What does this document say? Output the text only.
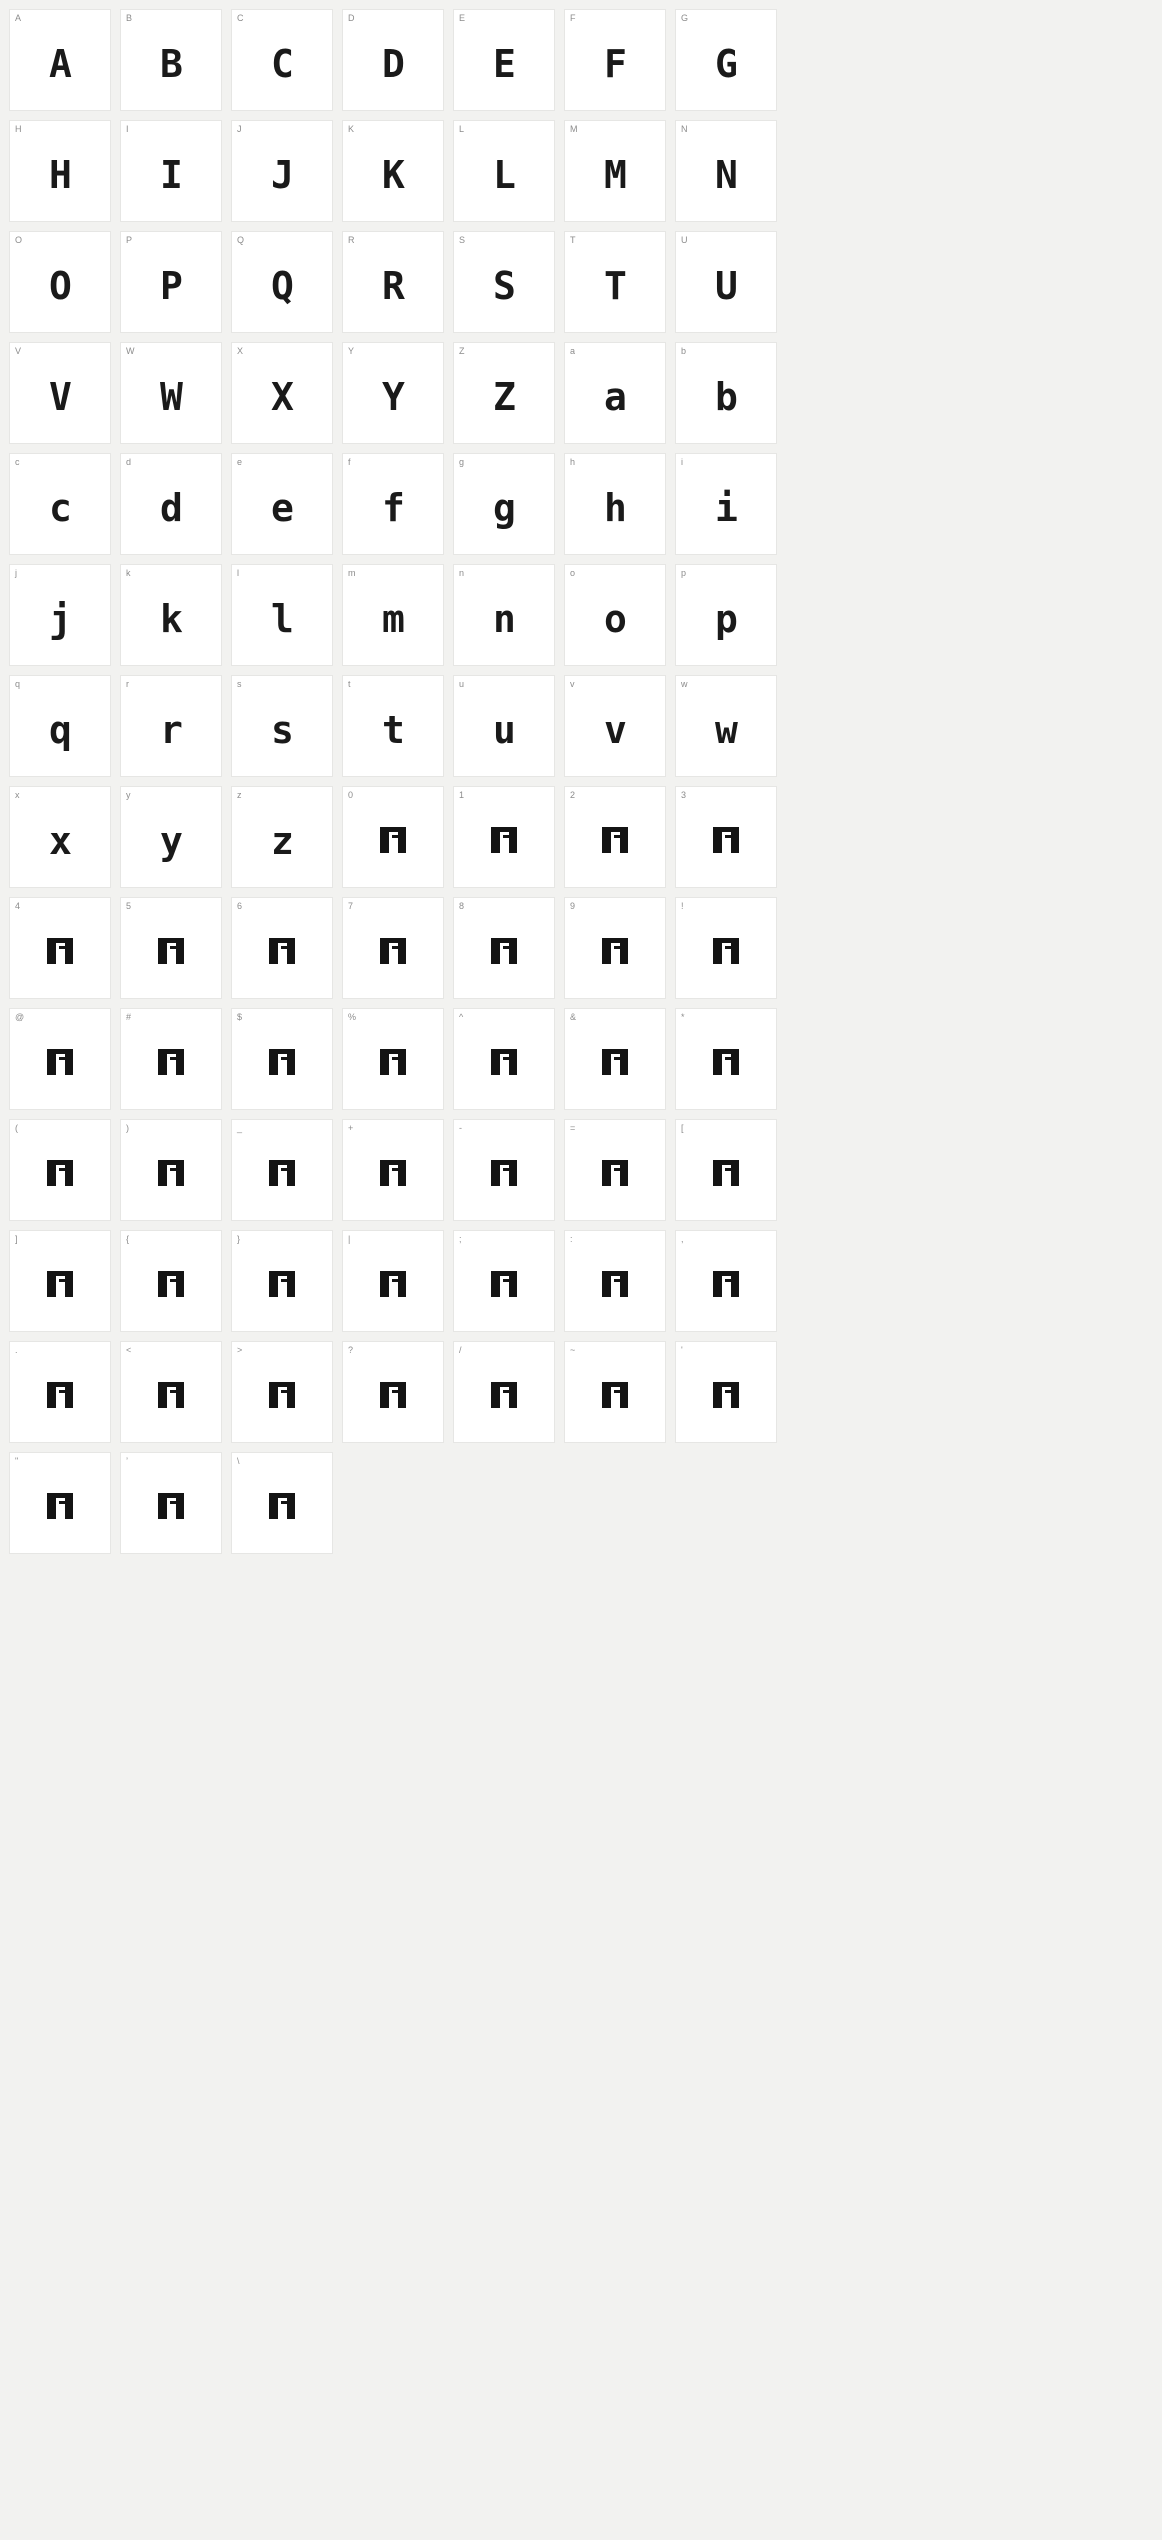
A
A
B
B
C
C
D
D
E
E
F
F
G
G
H
H
I
I
J
J
K
K
L
L
M
M
N
N
O
O
P
P
Q
Q
R
R
S
S
T
T
U
U
V
V
W
W
X
X
Y
Y
Z
Z
a
a
b
b
c
c
d
d
e
e
f
f
g
g
h
h
i
i
j
j
k
k
l
l
m
m
n
n
o
o
p
p
q
q
r
r
s
s
t
t
u
u
v
v
w
w
x
x
y
y
z
z
0	1	2	3
4	5	6	7	8	9	!
@	#	$	%	^	&	*
(	)	_	+	-	=	[
]	{	}	|	;	:	,
.	<	>	?	/	~	'
"	’	\
